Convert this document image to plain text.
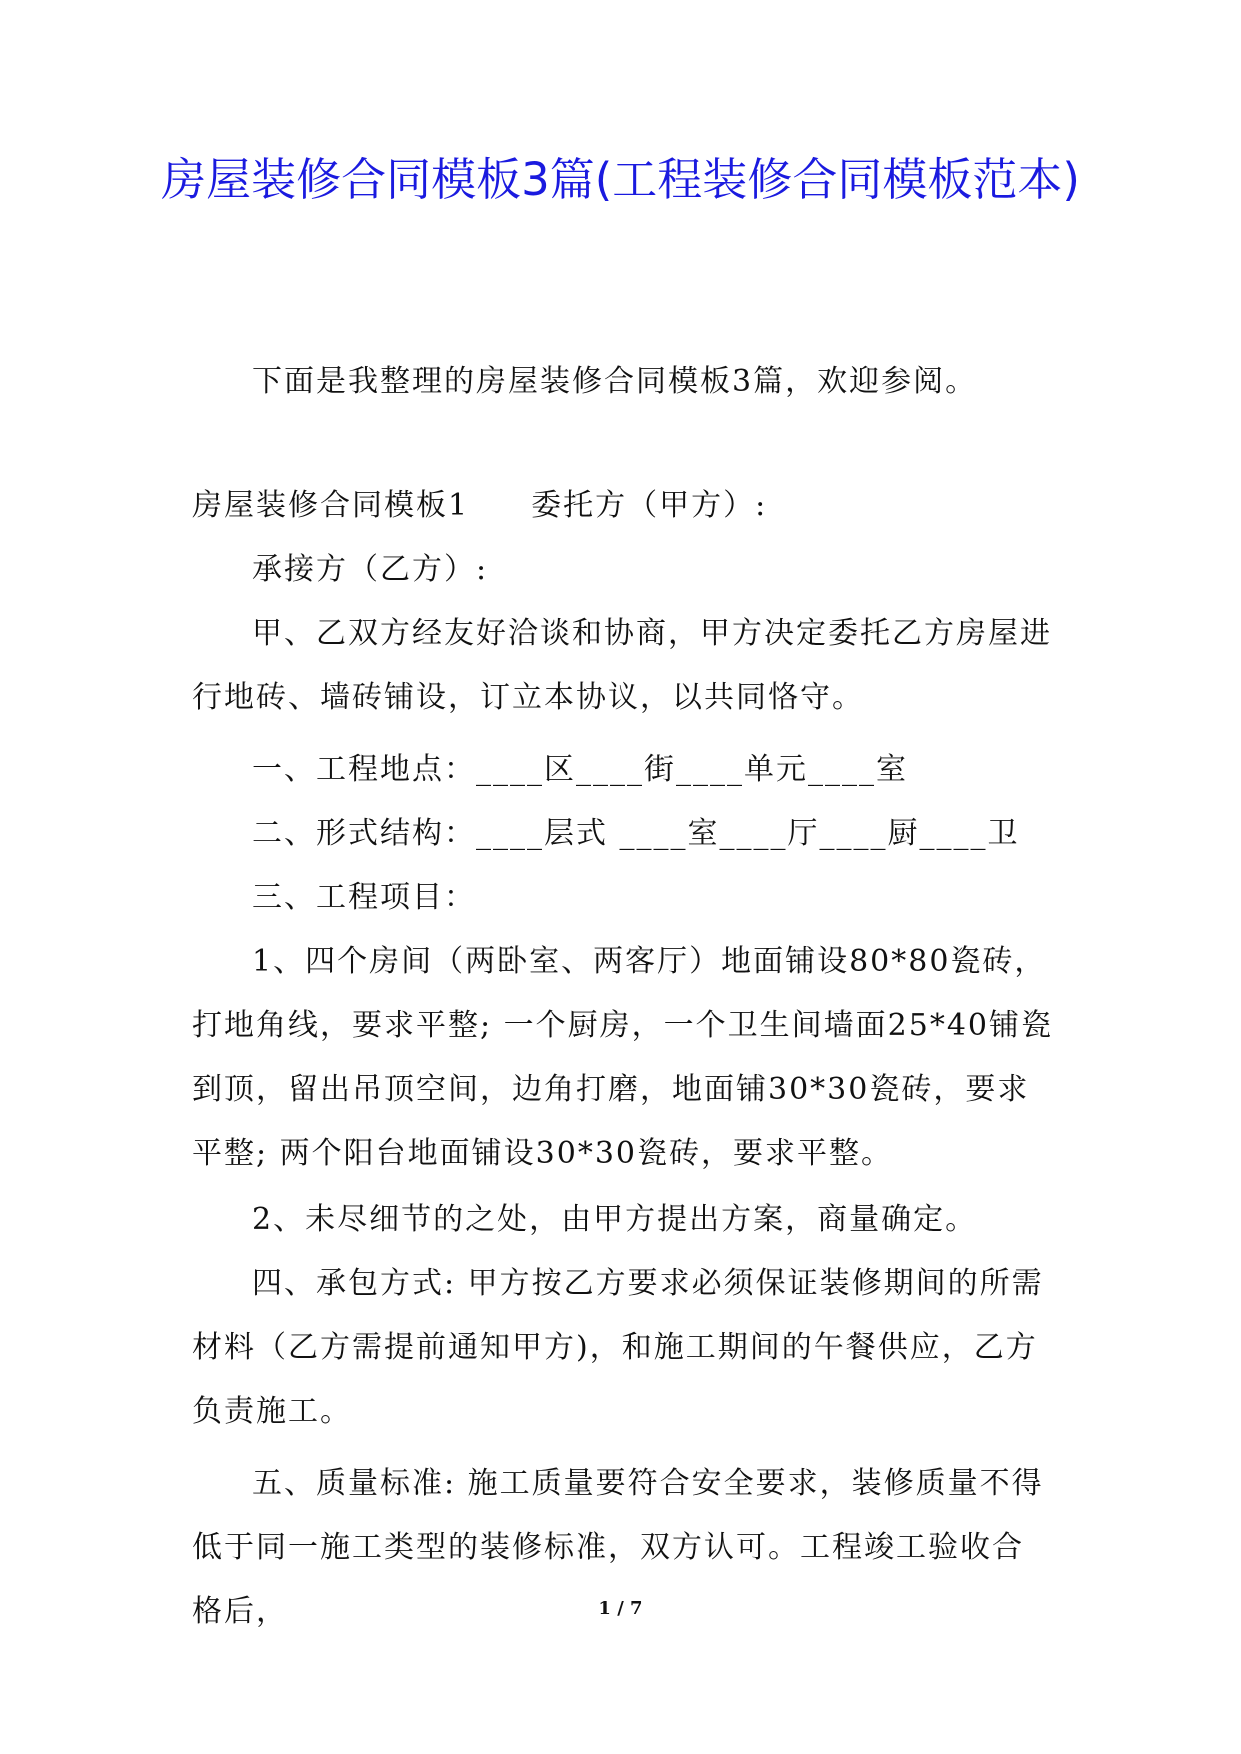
房屋装修合同模板3篇(工程装修合同模板范本)

下面是我整理的房屋装修合同模板3篇，欢迎参阅。

房屋装修合同模板1 委托方（甲方）:

承接方（乙方）:

甲、乙双方经友好洽谈和协商，甲方决定委托乙方房屋进行地砖、墙砖铺设，订立本协议，以共同恪守。

一、工程地点：____区____街____单元____室

二、形式结构：____层式 ____室____厅____厨____卫

三、工程项目：

1、四个房间（两卧室、两客厅）地面铺设80*80瓷砖，打地角线，要求平整; 一个厨房，一个卫生间墙面25*40铺瓷到顶，留出吊顶空间，边角打磨，地面铺30*30瓷砖，要求平整; 两个阳台地面铺设30*30瓷砖，要求平整。

2、未尽细节的之处，由甲方提出方案，商量确定。

四、承包方式: 甲方按乙方要求必须保证装修期间的所需材料（乙方需提前通知甲方)，和施工期间的午餐供应，乙方负责施工。

五、质量标准: 施工质量要符合安全要求，装修质量不得低于同一施工类型的装修标准，双方认可。工程竣工验收合格后，	1 / 7
